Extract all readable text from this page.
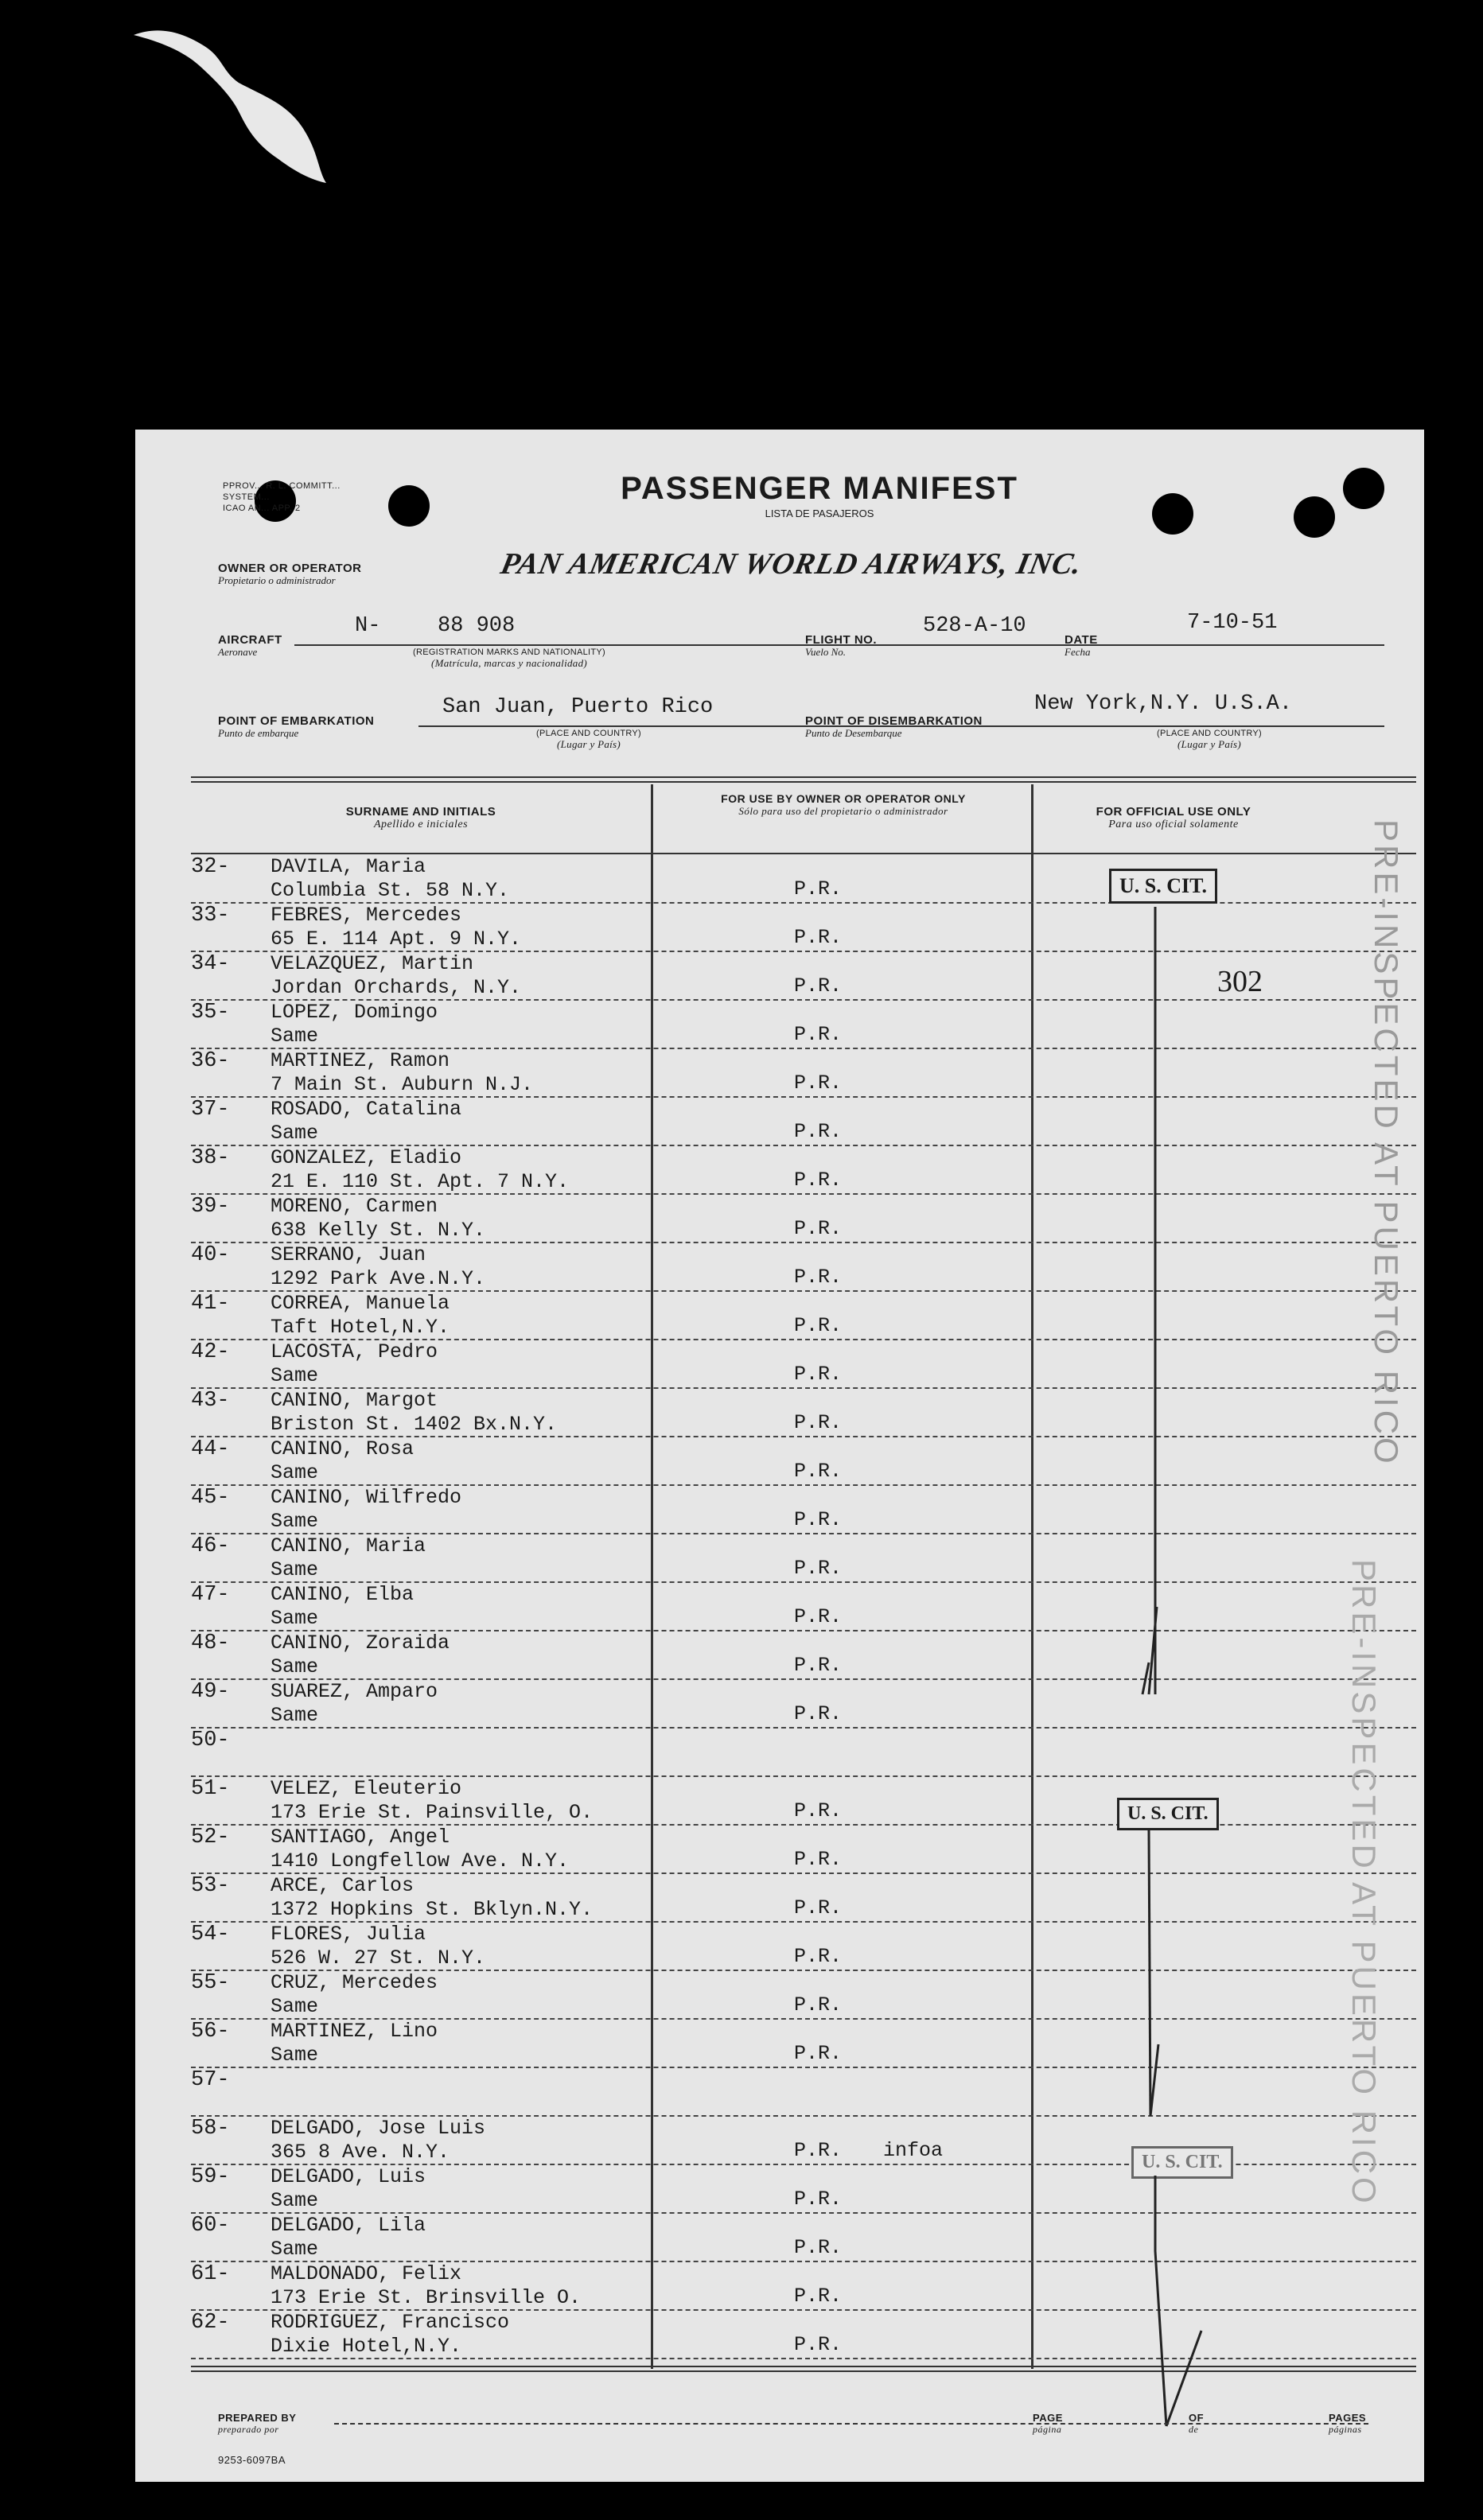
PPROV... R. L. COMMITT...
SYSTEM...
ICAO AN... APP. 2
PASSENGER MANIFEST
LISTA DE PASAJEROS
OWNER OR OPERATOR
Propietario o administrador	PAN AMERICAN WORLD AIRWAYS, INC.
AIRCRAFT
Aeronave
N-	88 908
(REGISTRATION MARKS AND NATIONALITY)
(Matrícula, marcas y nacionalidad)
FLIGHT NO.
Vuelo No.
528-A-10
DATE
Fecha
7-10-51
POINT OF EMBARKATION
Punto de embarque
San Juan, Puerto Rico
(PLACE AND COUNTRY)
(Lugar y País)
POINT OF DISEMBARKATION
Punto de Desembarque
New York,N.Y. U.S.A.
(PLACE AND COUNTRY)
(Lugar y País)
SURNAME AND INITIALS
Apellido e iniciales
FOR USE BY OWNER OR OPERATOR ONLY
Sólo para uso del propietario o administrador	FOR OFFICIAL USE ONLY
Para uso oficial solamente
32- DAVILA, Maria
Columbia St. 58 N.Y.	P.R.
33- FEBRES, Mercedes
65 E. 114 Apt. 9 N.Y.	P.R.
34- VELAZQUEZ, Martin
Jordan Orchards, N.Y.	P.R.
35- LOPEZ, Domingo
Same	P.R.
36- MARTINEZ, Ramon
7 Main St. Auburn N.J.	P.R.
37- ROSADO, Catalina
Same	P.R.
38- GONZALEZ, Eladio
21 E. 110 St. Apt. 7 N.Y.	P.R.
39- MORENO, Carmen
638 Kelly St. N.Y.	P.R.
40- SERRANO, Juan
1292 Park Ave.N.Y.	P.R.
41- CORREA, Manuela
Taft Hotel,N.Y.	P.R.
42- LACOSTA, Pedro
Same	P.R.
43- CANINO, Margot
Briston St. 1402 Bx.N.Y.	P.R.
44- CANINO, Rosa
Same	P.R.
45- CANINO, Wilfredo
Same	P.R.
46- CANINO, Maria
Same	P.R.
47- CANINO, Elba
Same	P.R.
48- CANINO, Zoraida
Same	P.R.
49- SUAREZ, Amparo
Same	P.R.
50-
51- VELEZ, Eleuterio
173 Erie St. Painsville, O.	P.R.
52- SANTIAGO, Angel
1410 Longfellow Ave. N.Y.	P.R.
53- ARCE, Carlos
1372 Hopkins St. Bklyn.N.Y.	P.R.
54- FLORES, Julia
526 W. 27 St. N.Y.	P.R.
55- CRUZ, Mercedes
Same	P.R.
56- MARTINEZ, Lino
Same	P.R.
57-
58- DELGADO, Jose Luis
365 8 Ave. N.Y.	P.R. infoa
59- DELGADO, Luis
Same	P.R.
60- DELGADO, Lila
Same	P.R.
61- MALDONADO, Felix
173 Erie St. Brinsville O.	P.R.
62- RODRIGUEZ, Francisco
Dixie Hotel,N.Y.	P.R.
U. S. CIT.
U. S. CIT.
U. S. CIT.
302	PRE-INSPECTED AT PUERTO RICO
PRE-INSPECTED AT PUERTO RICO
PREPARED BY
preparado por
PAGE
página
OF
de
PAGES
páginas
9253-6097BA
